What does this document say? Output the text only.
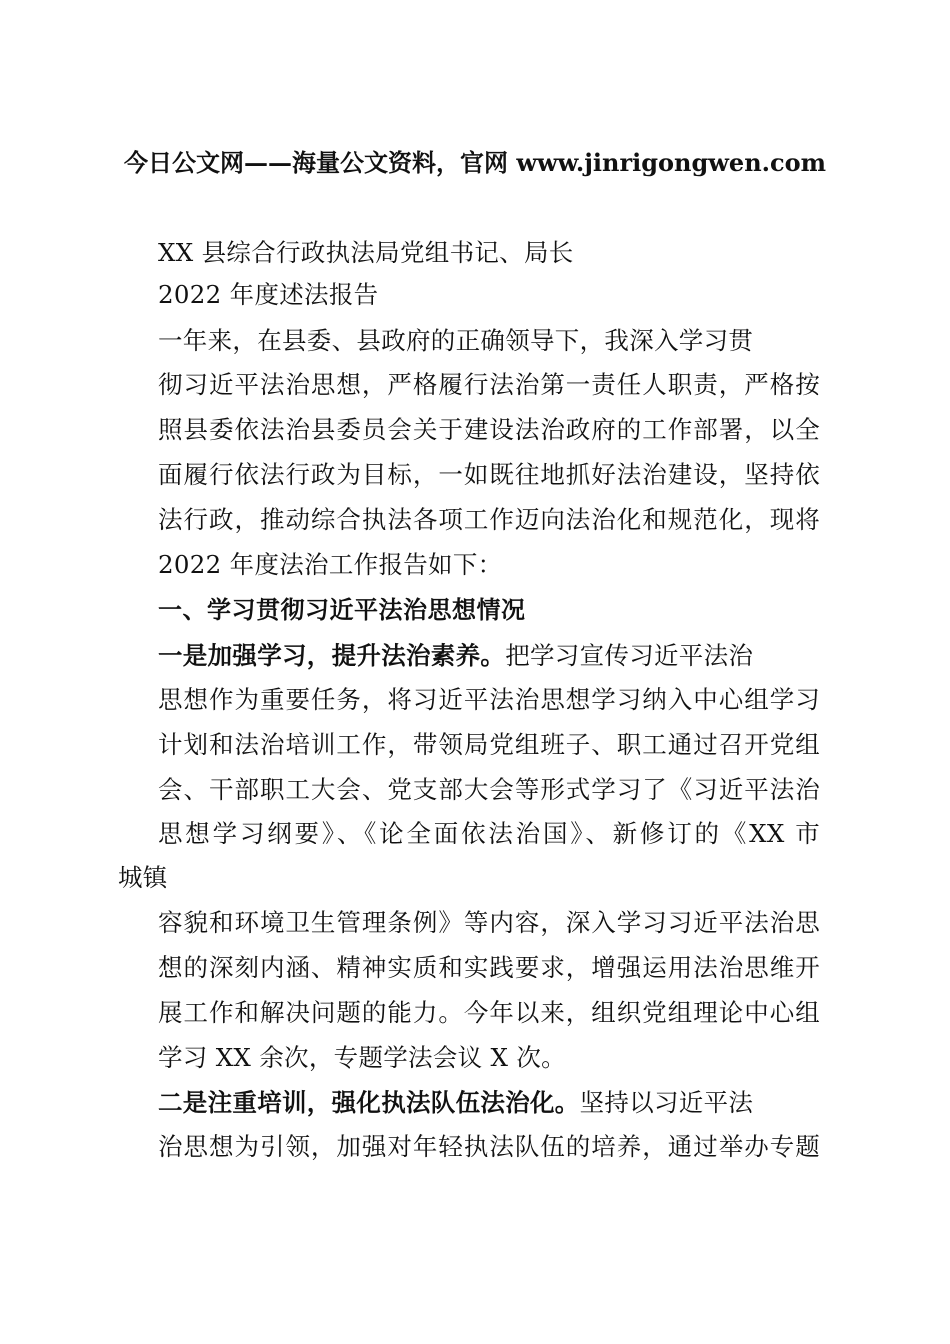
今日公文网——海量公文资料，官网 www.jinrigongwen.com
XX 县综合行政执法局党组书记、局长
2022 年度述法报告
一年来，在县委、县政府的正确领导下，我深入学习贯
彻习近平法治思想，严格履行法治第一责任人职责，严格按
照县委依法治县委员会关于建设法治政府的工作部署，以全
面履行依法行政为目标，一如既往地抓好法治建设，坚持依
法行政，推动综合执法各项工作迈向法治化和规范化，现将
2022 年度法治工作报告如下：
一、学习贯彻习近平法治思想情况
一是加强学习，提升法治素养。把学习宣传习近平法治
思想作为重要任务，将习近平法治思想学习纳入中心组学习
计划和法治培训工作，带领局党组班子、职工通过召开党组
会、干部职工大会、党支部大会等形式学习了《习近平法治
思想学习纲要》、《论全面依法治国》、新修订的《XX 市
城镇
容貌和环境卫生管理条例》等内容，深入学习习近平法治思
想的深刻内涵、精神实质和实践要求，增强运用法治思维开
展工作和解决问题的能力。今年以来，组织党组理论中心组
学习 XX 余次，专题学法会议 X 次。
二是注重培训，强化执法队伍法治化。坚持以习近平法
治思想为引领，加强对年轻执法队伍的培养，通过举办专题
